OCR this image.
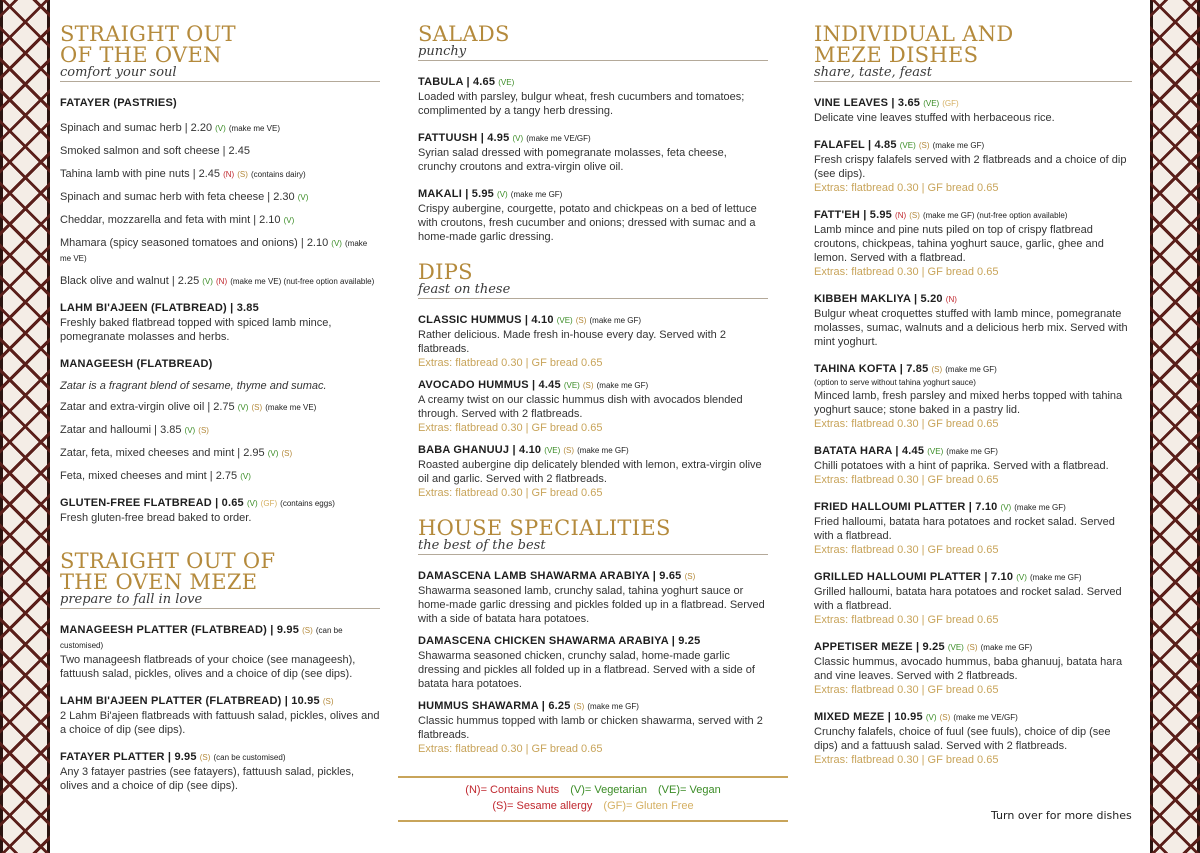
STRAIGHT OUT
OF THE OVEN
comfort your soul
FATAYER (PASTRIES)
Spinach and sumac herb | 2.20 (V) (make me VE)
Smoked salmon and soft cheese | 2.45
Tahina lamb with pine nuts | 2.45 (N) (S) (contains dairy)
Spinach and sumac herb with feta cheese | 2.30 (V)
Cheddar, mozzarella and feta with mint | 2.10 (V)
Mhamara (spicy seasoned tomatoes and onions) | 2.10 (V) (make me VE)
Black olive and walnut | 2.25 (V) (N) (make me VE) (nut-free option available)
LAHM BI'AJEEN (FLATBREAD) | 3.85
Freshly baked flatbread topped with spiced lamb mince, pomegranate molasses and herbs.
MANAGEESH (FLATBREAD)
Zatar is a fragrant blend of sesame, thyme and sumac.
Zatar and extra-virgin olive oil | 2.75 (V) (S) (make me VE)
Zatar and halloumi | 3.85 (V) (S)
Zatar, feta, mixed cheeses and mint | 2.95 (V) (S)
Feta, mixed cheeses and mint | 2.75 (V)
GLUTEN-FREE FLATBREAD | 0.65 (V) (GF) (contains eggs)
Fresh gluten-free bread baked to order.
STRAIGHT OUT OF
THE OVEN MEZE
prepare to fall in love
MANAGEESH PLATTER (FLATBREAD) | 9.95 (S) (can be customised)
Two manageesh flatbreads of your choice (see manageesh), fattuush salad, pickles, olives and a choice of dip (see dips).
LAHM BI'AJEEN PLATTER (FLATBREAD) | 10.95 (S)
2 Lahm Bi'ajeen flatbreads with fattuush salad, pickles, olives and a choice of dip (see dips).
FATAYER PLATTER | 9.95 (S) (can be customised)
Any 3 fatayer pastries (see fatayers), fattuush salad, pickles, olives and a choice of dip (see dips).
SALADS
punchy
TABULA | 4.65 (VE)
Loaded with parsley, bulgur wheat, fresh cucumbers and tomatoes; complimented by a tangy herb dressing.
FATTUUSH | 4.95 (V) (make me VE/GF)
Syrian salad dressed with pomegranate molasses, feta cheese, crunchy croutons and extra-virgin olive oil.
MAKALI | 5.95 (V) (make me GF)
Crispy aubergine, courgette, potato and chickpeas on a bed of lettuce with croutons, fresh cucumber and onions; dressed with sumac and a home-made garlic dressing.
DIPS
feast on these
CLASSIC HUMMUS | 4.10 (VE) (S) (make me GF)
Rather delicious. Made fresh in-house every day. Served with 2 flatbreads.
Extras: flatbread 0.30 | GF bread 0.65
AVOCADO HUMMUS | 4.45 (VE) (S) (make me GF)
A creamy twist on our classic hummus dish with avocados blended through. Served with 2 flatbreads.
Extras: flatbread 0.30 | GF bread 0.65
BABA GHANUUJ | 4.10 (VE) (S) (make me GF)
Roasted aubergine dip delicately blended with lemon, extra-virgin olive oil and garlic. Served with 2 flatbreads.
Extras: flatbread 0.30 | GF bread 0.65
HOUSE SPECIALITIES
the best of the best
DAMASCENA LAMB SHAWARMA ARABIYA | 9.65 (S)
Shawarma seasoned lamb, crunchy salad, tahina yoghurt sauce or home-made garlic dressing and pickles folded up in a flatbread. Served with a side of batata hara potatoes.
DAMASCENA CHICKEN SHAWARMA ARABIYA | 9.25
Shawarma seasoned chicken, crunchy salad, home-made garlic dressing and pickles all folded up in a flatbread. Served with a side of batata hara potatoes.
HUMMUS SHAWARMA | 6.25 (S) (make me GF)
Classic hummus topped with lamb or chicken shawarma, served with 2 flatbreads.
Extras: flatbread 0.30 | GF bread 0.65
INDIVIDUAL AND
MEZE DISHES
share, taste, feast
VINE LEAVES | 3.65 (VE) (GF)
Delicate vine leaves stuffed with herbaceous rice.
FALAFEL | 4.85 (VE) (S) (make me GF)
Fresh crispy falafels served with 2 flatbreads and a choice of dip (see dips).
Extras: flatbread 0.30 | GF bread 0.65
FATT'EH | 5.95 (N) (S) (make me GF) (nut-free option available)
Lamb mince and pine nuts piled on top of crispy flatbread croutons, chickpeas, tahina yoghurt sauce, garlic, ghee and lemon. Served with a flatbread.
Extras: flatbread 0.30 | GF bread 0.65
KIBBEH MAKLIYA | 5.20 (N)
Bulgur wheat croquettes stuffed with lamb mince, pomegranate molasses, sumac, walnuts and a delicious herb mix. Served with mint yoghurt.
TAHINA KOFTA | 7.85 (S) (make me GF)
(option to serve without tahina yoghurt sauce)
Minced lamb, fresh parsley and mixed herbs topped with tahina yoghurt sauce; stone baked in a pastry lid.
Extras: flatbread 0.30 | GF bread 0.65
BATATA HARA | 4.45 (VE) (make me GF)
Chilli potatoes with a hint of paprika. Served with a flatbread.
Extras: flatbread 0.30 | GF bread 0.65
FRIED HALLOUMI PLATTER | 7.10 (V) (make me GF)
Fried halloumi, batata hara potatoes and rocket salad. Served with a flatbread.
Extras: flatbread 0.30 | GF bread 0.65
GRILLED HALLOUMI PLATTER | 7.10 (V) (make me GF)
Grilled halloumi, batata hara potatoes and rocket salad. Served with a flatbread.
Extras: flatbread 0.30 | GF bread 0.65
APPETISER MEZE | 9.25 (VE) (S) (make me GF)
Classic hummus, avocado hummus, baba ghanuuj, batata hara and vine leaves. Served with 2 flatbreads.
Extras: flatbread 0.30 | GF bread 0.65
MIXED MEZE | 10.95 (V) (S) (make me VE/GF)
Crunchy falafels, choice of fuul (see fuuls), choice of dip (see dips) and a fattuush salad. Served with 2 flatbreads.
Extras: flatbread 0.30 | GF bread 0.65
(N)= Contains Nuts (V)= Vegetarian (VE)= Vegan
(S)= Sesame allergy (GF)= Gluten Free
Turn over for more dishes
